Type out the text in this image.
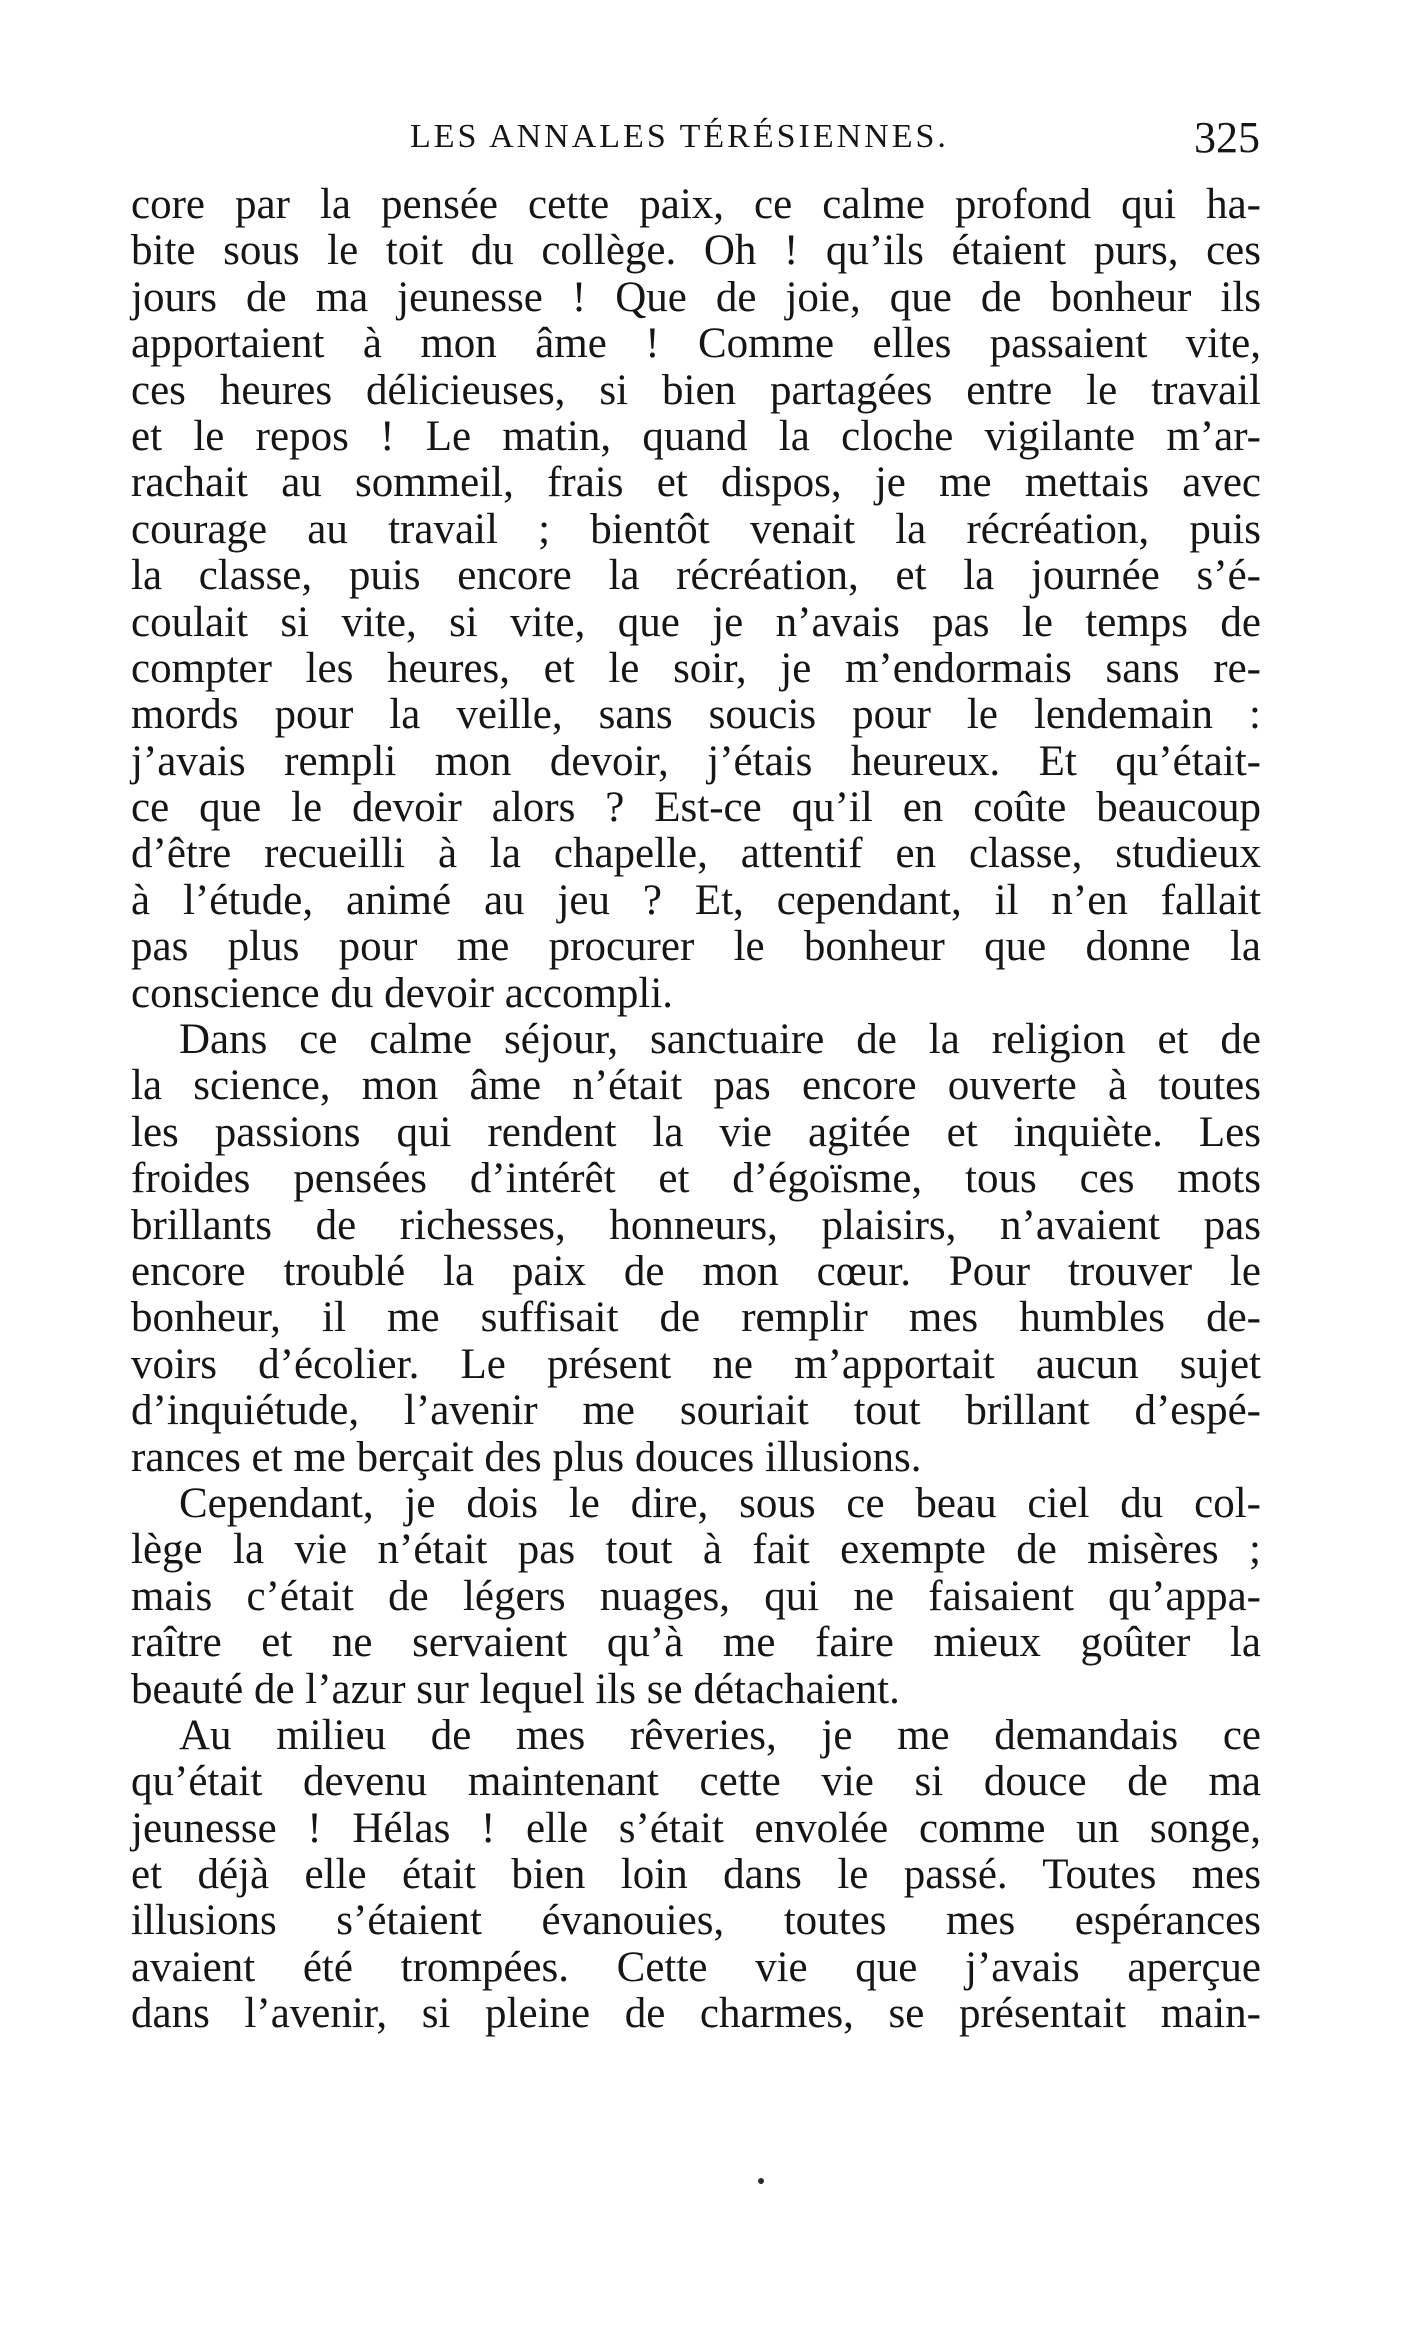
LES ANNALES TÉRÉSIENNES.	325
core par la pensée cette paix, ce calme profond qui ha-
bite sous le toit du collège. Oh ! qu’ils étaient purs, ces
jours de ma jeunesse ! Que de joie, que de bonheur ils
apportaient à mon âme ! Comme elles passaient vite,
ces heures délicieuses, si bien partagées entre le travail
et le repos ! Le matin, quand la cloche vigilante m’ar-
rachait au sommeil, frais et dispos, je me mettais avec
courage au travail ; bientôt venait la récréation, puis
la classe, puis encore la récréation, et la journée s’é-
coulait si vite, si vite, que je n’avais pas le temps de
compter les heures, et le soir, je m’endormais sans re-
mords pour la veille, sans soucis pour le lendemain :
j’avais rempli mon devoir, j’étais heureux. Et qu’était-
ce que le devoir alors ? Est-ce qu’il en coûte beaucoup
d’être recueilli à la chapelle, attentif en classe, studieux
à l’étude, animé au jeu ? Et, cependant, il n’en fallait
pas plus pour me procurer le bonheur que donne la
conscience du devoir accompli.
Dans ce calme séjour, sanctuaire de la religion et de
la science, mon âme n’était pas encore ouverte à toutes
les passions qui rendent la vie agitée et inquiète. Les
froides pensées d’intérêt et d’égoïsme, tous ces mots
brillants de richesses, honneurs, plaisirs, n’avaient pas
encore troublé la paix de mon cœur. Pour trouver le
bonheur, il me suffisait de remplir mes humbles de-
voirs d’écolier. Le présent ne m’apportait aucun sujet
d’inquiétude, l’avenir me souriait tout brillant d’espé-
rances et me berçait des plus douces illusions.
Cependant, je dois le dire, sous ce beau ciel du col-
lège la vie n’était pas tout à fait exempte de misères ;
mais c’était de légers nuages, qui ne faisaient qu’appa-
raître et ne servaient qu’à me faire mieux goûter la
beauté de l’azur sur lequel ils se détachaient.
Au milieu de mes rêveries, je me demandais ce
qu’était devenu maintenant cette vie si douce de ma
jeunesse ! Hélas ! elle s’était envolée comme un songe,
et déjà elle était bien loin dans le passé. Toutes mes
illusions s’étaient évanouies, toutes mes espérances
avaient été trompées. Cette vie que j’avais aperçue
dans l’avenir, si pleine de charmes, se présentait main-
